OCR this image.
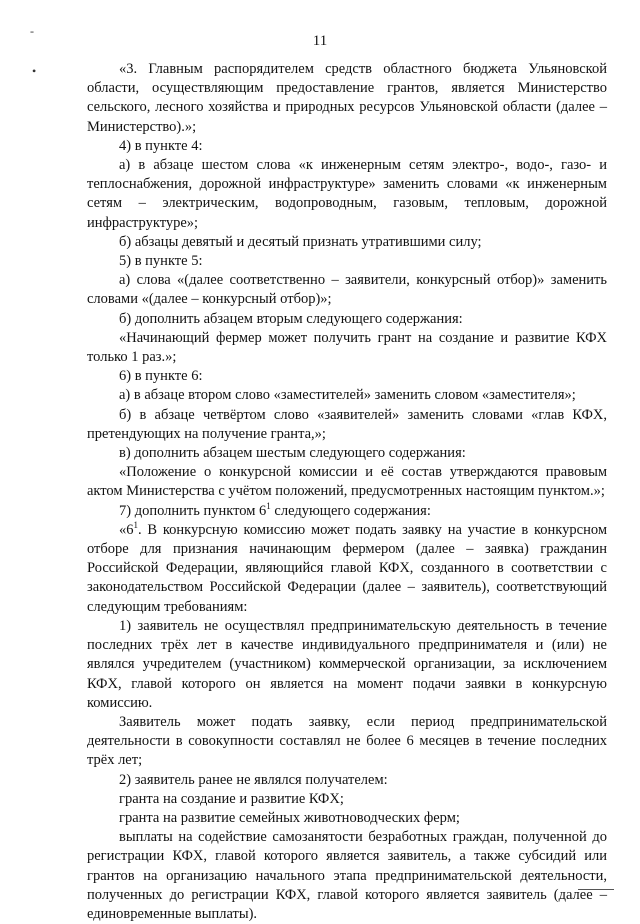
11
-
•	«3. Главным распорядителем средств областного бюджета Ульяновской области, осуществляющим предоставление грантов, является Министерство сельского, лесного хозяйства и природных ресурсов Ульяновской области (далее – Министерство).»;

4) в пункте 4:

а) в абзаце шестом слова «к инженерным сетям электро-, водо-, газо- и теплоснабжения, дорожной инфраструктуре» заменить словами «к инженерным сетям – электрическим, водопроводным, газовым, тепловым, дорожной инфраструктуре»;

б) абзацы девятый и десятый признать утратившими силу;

5) в пункте 5:

а) слова «(далее соответственно – заявители, конкурсный отбор)» заменить словами «(далее – конкурсный отбор)»;

б) дополнить абзацем вторым следующего содержания:

«Начинающий фермер может получить грант на создание и развитие КФХ только 1 раз.»;

6) в пункте 6:

а) в абзаце втором слово «заместителей» заменить словом «заместителя»;

б) в абзаце четвёртом слово «заявителей» заменить словами «глав КФХ, претендующих на получение гранта,»;

в) дополнить абзацем шестым следующего содержания:

«Положение о конкурсной комиссии и её состав утверждаются правовым актом Министерства с учётом положений, предусмотренных настоящим пунктом.»;

7) дополнить пунктом $6^1$ следующего содержания:

«$6^1$. В конкурсную комиссию может подать заявку на участие в конкурсном отборе для признания начинающим фермером (далее – заявка) гражданин Российской Федерации, являющийся главой КФХ, созданного в соответствии с законодательством Российской Федерации (далее – заявитель), соответствующий следующим требованиям:

1) заявитель не осуществлял предпринимательскую деятельность в течение последних трёх лет в качестве индивидуального предпринимателя и (или) не являлся учредителем (участником) коммерческой организации, за исключением КФХ, главой которого он является на момент подачи заявки в конкурсную комиссию.

Заявитель может подать заявку, если период предпринимательской деятельности в совокупности составлял не более 6 месяцев в течение последних трёх лет;

2) заявитель ранее не являлся получателем:

гранта на создание и развитие КФХ;

гранта на развитие семейных животноводческих ферм;

выплаты на содействие самозанятости безработных граждан, полученной до регистрации КФХ, главой которого является заявитель, а также субсидий или грантов на организацию начального этапа предпринимательской деятельности, полученных до регистрации КФХ, главой которого является заявитель (далее – единовременные выплаты).
